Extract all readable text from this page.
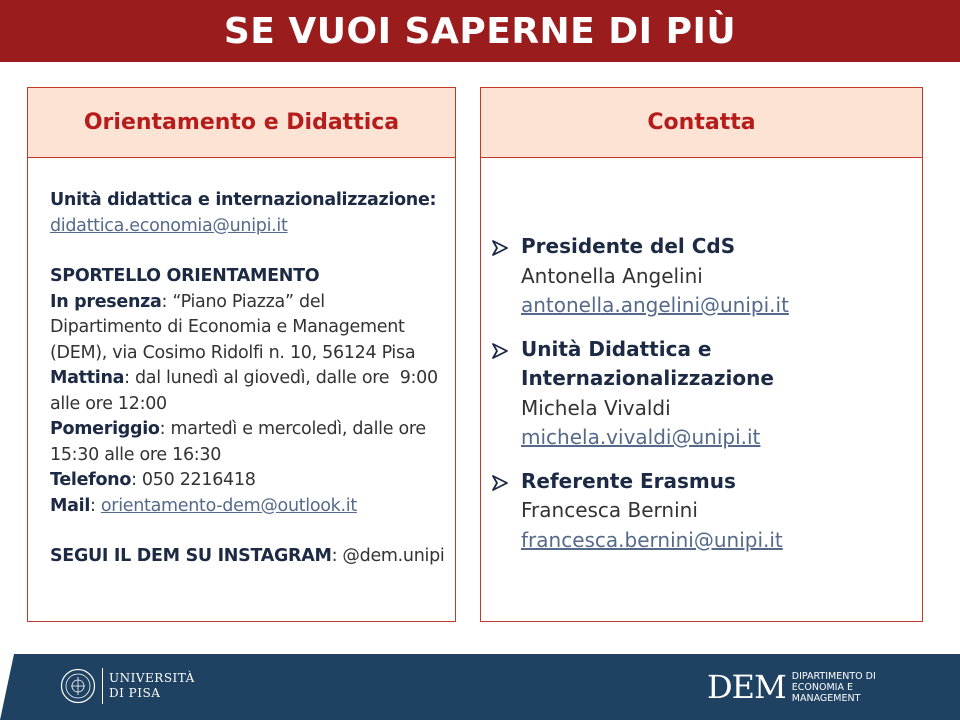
SE VUOI SAPERNE DI PIÙ
Orientamento e Didattica
Unità didattica e internazionalizzazione:
didattica.economia@unipi.it
SPORTELLO ORIENTAMENTO
In presenza: “Piano Piazza” del
Dipartimento di Economia e Management
(DEM), via Cosimo Ridolfi n. 10, 56124 Pisa
Mattina: dal lunedì al giovedì, dalle ore  9:00
alle ore 12:00
Pomeriggio: martedì e mercoledì, dalle ore
15:30 alle ore 16:30
Telefono: 050 2216418
Mail: orientamento-dem@outlook.it
SEGUI IL DEM SU INSTAGRAM: @dem.unipi
Contatta
Presidente del CdS
Antonella Angelini
antonella.angelini@unipi.it
Unità Didattica e
Internazionalizzazione
Michela Vivaldi
michela.vivaldi@unipi.it
Referente Erasmus
Francesca Bernini
francesca.bernini@unipi.it
UNIVERSITÀ
DI PISA	DEM DIPARTIMENTO DI
ECONOMIA E
MANAGEMENT
